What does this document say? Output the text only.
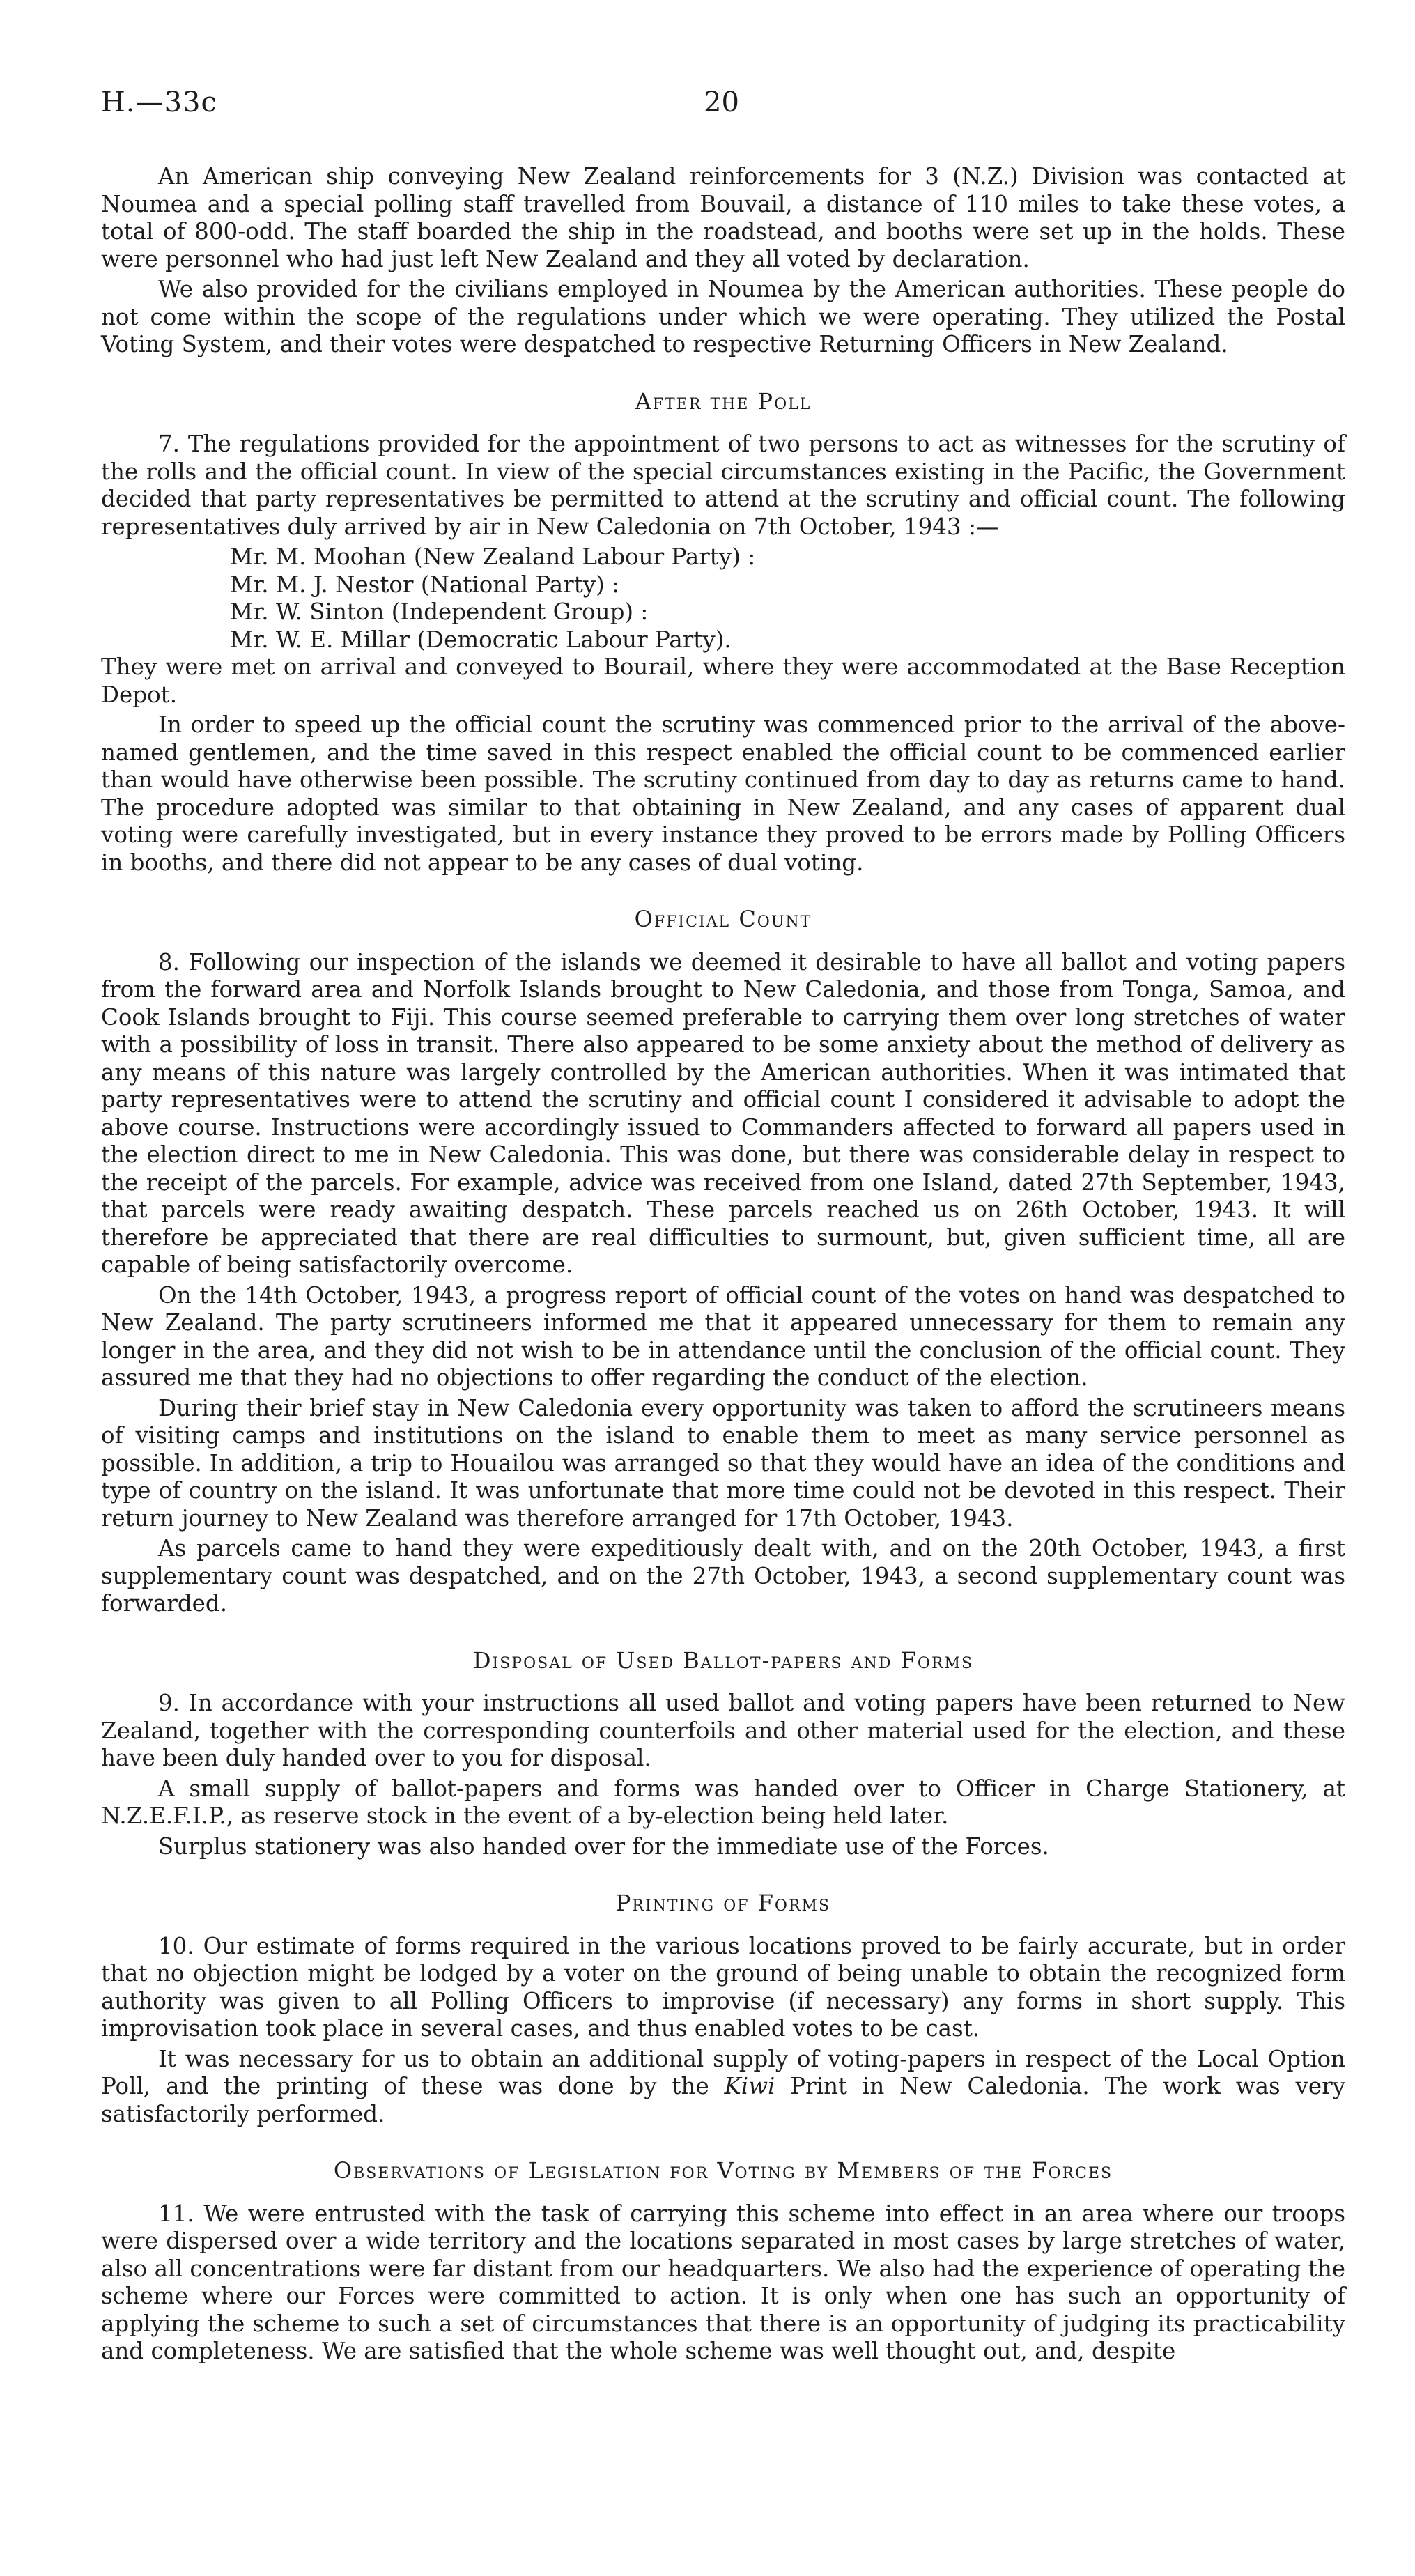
H.—33c	20

An American ship conveying New Zealand reinforcements for 3 (N.Z.) Division was contacted at Noumea and a special polling staff travelled from Bouvail, a distance of 110 miles to take these votes, a total of 800-odd. The staff boarded the ship in the roadstead, and booths were set up in the holds. These were personnel who had just left New Zealand and they all voted by declaration.

We also provided for the civilians employed in Noumea by the American authorities. These people do not come within the scope of the regulations under which we were operating. They utilized the Postal Voting System, and their votes were despatched to respective Returning Officers in New Zealand.

After the Poll

7. The regulations provided for the appointment of two persons to act as witnesses for the scrutiny of the rolls and the official count. In view of the special circumstances existing in the Pacific, the Government decided that party representatives be permitted to attend at the scrutiny and official count. The following representatives duly arrived by air in New Caledonia on 7th October, 1943 :—

Mr. M. Moohan (New Zealand Labour Party) :
Mr. M. J. Nestor (National Party) :
Mr. W. Sinton (Independent Group) :
Mr. W. E. Millar (Democratic Labour Party).

They were met on arrival and conveyed to Bourail, where they were accommodated at the Base Reception Depot.

In order to speed up the official count the scrutiny was commenced prior to the arrival of the above-named gentlemen, and the time saved in this respect enabled the official count to be commenced earlier than would have otherwise been possible. The scrutiny continued from day to day as returns came to hand. The procedure adopted was similar to that obtaining in New Zealand, and any cases of apparent dual voting were carefully investigated, but in every instance they proved to be errors made by Polling Officers in booths, and there did not appear to be any cases of dual voting.

Official Count

8. Following our inspection of the islands we deemed it desirable to have all ballot and voting papers from the forward area and Norfolk Islands brought to New Caledonia, and those from Tonga, Samoa, and Cook Islands brought to Fiji. This course seemed preferable to carrying them over long stretches of water with a possibility of loss in transit. There also appeared to be some anxiety about the method of delivery as any means of this nature was largely controlled by the American authorities. When it was intimated that party representatives were to attend the scrutiny and official count I considered it advisable to adopt the above course. Instructions were accordingly issued to Commanders affected to forward all papers used in the election direct to me in New Caledonia. This was done, but there was considerable delay in respect to the receipt of the parcels. For example, advice was received from one Island, dated 27th September, 1943, that parcels were ready awaiting despatch. These parcels reached us on 26th October, 1943. It will therefore be appreciated that there are real difficulties to surmount, but, given sufficient time, all are capable of being satisfactorily overcome.

On the 14th October, 1943, a progress report of official count of the votes on hand was despatched to New Zealand. The party scrutineers informed me that it appeared unnecessary for them to remain any longer in the area, and they did not wish to be in attendance until the conclusion of the official count. They assured me that they had no objections to offer regarding the conduct of the election.

During their brief stay in New Caledonia every opportunity was taken to afford the scrutineers means of visiting camps and institutions on the island to enable them to meet as many service personnel as possible. In addition, a trip to Houailou was arranged so that they would have an idea of the conditions and type of country on the island. It was unfortunate that more time could not be devoted in this respect. Their return journey to New Zealand was therefore arranged for 17th October, 1943.

As parcels came to hand they were expeditiously dealt with, and on the 20th October, 1943, a first supplementary count was despatched, and on the 27th October, 1943, a second supplementary count was forwarded.

Disposal of Used Ballot-papers and Forms

9. In accordance with your instructions all used ballot and voting papers have been returned to New Zealand, together with the corresponding counterfoils and other material used for the election, and these have been duly handed over to you for disposal.

A small supply of ballot-papers and forms was handed over to Officer in Charge Stationery, at N.Z.E.F.I.P., as reserve stock in the event of a by-election being held later.

Surplus stationery was also handed over for the immediate use of the Forces.

Printing of Forms

10. Our estimate of forms required in the various locations proved to be fairly accurate, but in order that no objection might be lodged by a voter on the ground of being unable to obtain the recognized form authority was given to all Polling Officers to improvise (if necessary) any forms in short supply. This improvisation took place in several cases, and thus enabled votes to be cast.

It was necessary for us to obtain an additional supply of voting-papers in respect of the Local Option Poll, and the printing of these was done by the Kiwi Print in New Caledonia. The work was very satisfactorily performed.

Observations of Legislation for Voting by Members of the Forces

11. We were entrusted with the task of carrying this scheme into effect in an area where our troops were dispersed over a wide territory and the locations separated in most cases by large stretches of water, also all concentrations were far distant from our headquarters. We also had the experience of operating the scheme where our Forces were committed to action. It is only when one has such an opportunity of applying the scheme to such a set of circumstances that there is an opportunity of judging its practicability and completeness. We are satisfied that the whole scheme was well thought out, and, despite
